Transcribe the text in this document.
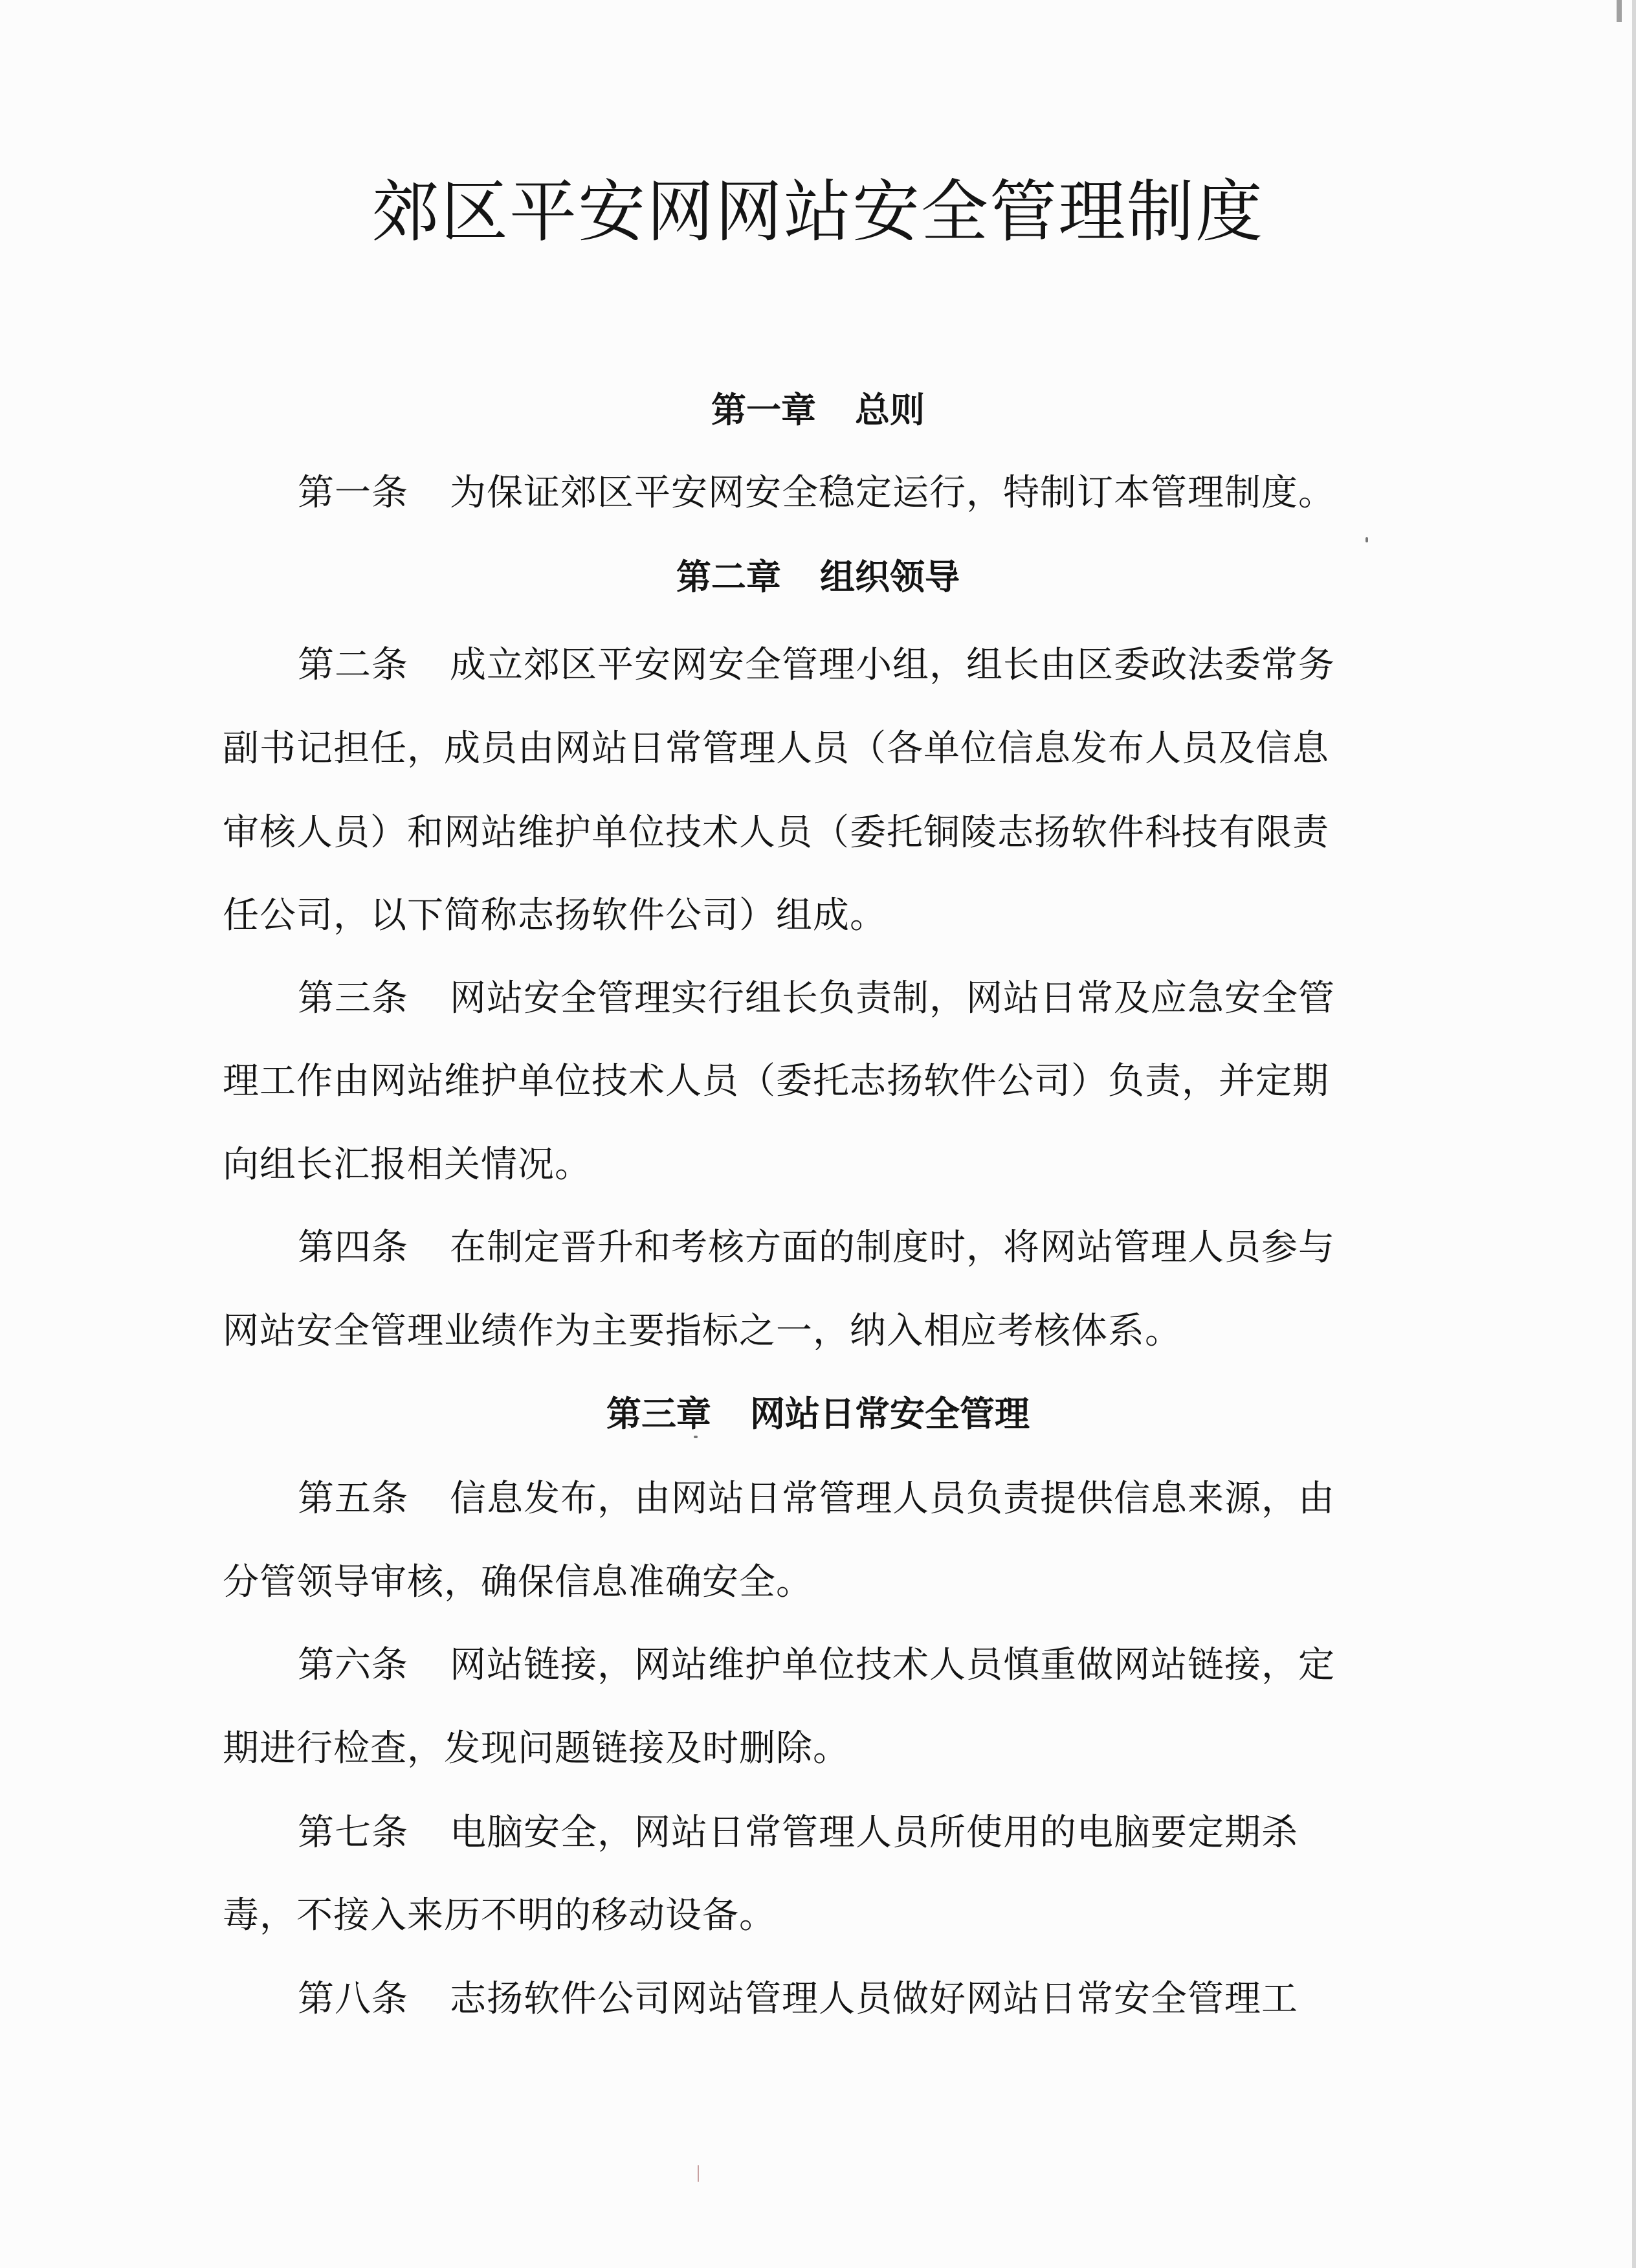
郊区平安网网站安全管理制度

第一章 总则

第一条 为保证郊区平安网安全稳定运行，特制订本管理制度。

第二章 组织领导

第二条 成立郊区平安网安全管理小组，组长由区委政法委常务

副书记担任，成员由网站日常管理人员（各单位信息发布人员及信息

审核人员）和网站维护单位技术人员（委托铜陵志扬软件科技有限责

任公司，以下简称志扬软件公司）组成。

第三条 网站安全管理实行组长负责制，网站日常及应急安全管

理工作由网站维护单位技术人员（委托志扬软件公司）负责，并定期

向组长汇报相关情况。

第四条 在制定晋升和考核方面的制度时，将网站管理人员参与

网站安全管理业绩作为主要指标之一，纳入相应考核体系。

第三章 网站日常安全管理

第五条 信息发布，由网站日常管理人员负责提供信息来源，由

分管领导审核，确保信息准确安全。

第六条 网站链接，网站维护单位技术人员慎重做网站链接，定

期进行检查，发现问题链接及时删除。

第七条 电脑安全，网站日常管理人员所使用的电脑要定期杀

毒，不接入来历不明的移动设备。

第八条 志扬软件公司网站管理人员做好网站日常安全管理工
